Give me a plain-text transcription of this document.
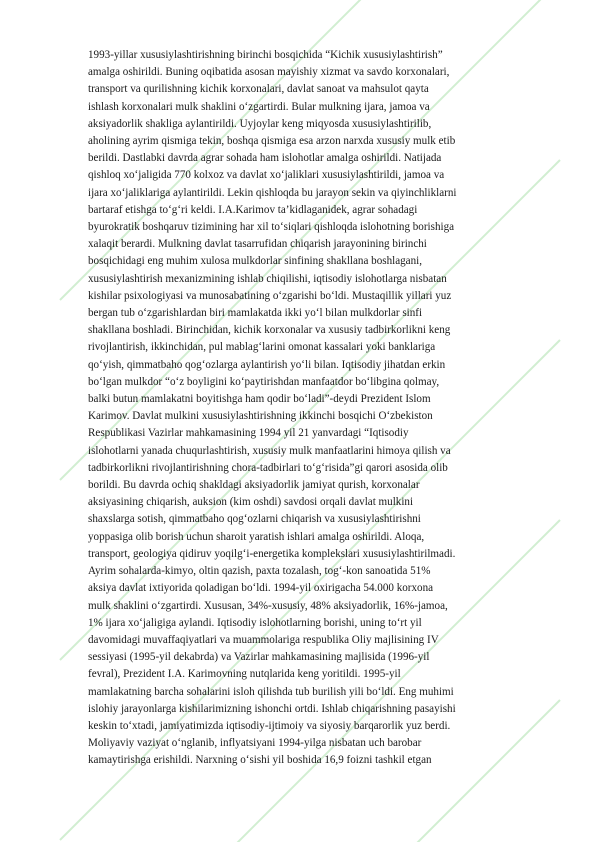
1993-yillar xususiylashtirishning birinchi bosqichida “Kichik xususiylashtirish”
amalga oshirildi. Buning oqibatida asosan mayishiy xizmat va savdo korxonalari,
transport va qurilishning kichik korxonalari, davlat sanoat va mahsulot qayta
ishlash korxonalari mulk shaklini o‘zgartirdi. Bular mulkning ijara, jamoa va
aksiyadorlik shakliga aylantirildi. Uyjoylar keng miqyosda xususiylashtirilib,
aholining ayrim qismiga tekin, boshqa qismiga esa arzon narxda xususiy mulk etib
berildi. Dastlabki davrda agrar sohada ham islohotlar amalga oshirildi. Natijada
qishloq xo‘jaligida 770 kolxoz va davlat xo‘jaliklari xususiylashtirildi, jamoa va
ijara xo‘jaliklariga aylantirildi. Lekin qishloqda bu jarayon sekin va qiyinchliklarni
bartaraf etishga to‘g‘ri keldi. I.A.Karimov ta’kidlaganidek, agrar sohadagi
byurokratik boshqaruv tizimining har xil to‘siqlari qishloqda islohotning borishiga
xalaqit berardi. Mulkning davlat tasarrufidan chiqarish jarayonining birinchi
bosqichidagi eng muhim xulosa mulkdorlar sinfining shakllana boshlagani,
xususiylashtirish mexanizmining ishlab chiqilishi, iqtisodiy islohotlarga nisbatan
kishilar psixologiyasi va munosabatining o‘zgarishi bo‘ldi. Mustaqillik yillari yuz
bergan tub o‘zgarishlardan biri mamlakatda ikki yo‘l bilan mulkdorlar sinfi
shakllana boshladi. Birinchidan, kichik korxonalar va xususiy tadbirkorlikni keng
rivojlantirish, ikkinchidan, pul mablag‘larini omonat kassalari yoki banklariga
qo‘yish, qimmatbaho qog‘ozlarga aylantirish yo‘li bilan. Iqtisodiy jihatdan erkin
bo‘lgan mulkdor “o‘z boyligini ko‘paytirishdan manfaatdor bo‘libgina qolmay,
balki butun mamlakatni boyitishga ham qodir bo‘ladi”-deydi Prezident Islom
Karimov. Davlat mulkini xususiylashtirishning ikkinchi bosqichi O‘zbekiston
Respublikasi Vazirlar mahkamasining 1994 yil 21 yanvardagi “Iqtisodiy
islohotlarni yanada chuqurlashtirish, xususiy mulk manfaatlarini himoya qilish va
tadbirkorlikni rivojlantirishning chora-tadbirlari to‘g‘risida”gi qarori asosida olib
borildi. Bu davrda ochiq shakldagi aksiyadorlik jamiyat qurish, korxonalar
aksiyasining chiqarish, auksion (kim oshdi) savdosi orqali davlat mulkini
shaxslarga sotish, qimmatbaho qog‘ozlarni chiqarish va xususiylashtirishni
yoppasiga olib borish uchun sharoit yaratish ishlari amalga oshirildi. Aloqa,
transport, geologiya qidiruv yoqilg‘i-energetika komplekslari xususiylashtirilmadi.
Ayrim sohalarda-kimyo, oltin qazish, paxta tozalash, tog‘-kon sanoatida 51%
aksiya davlat ixtiyorida qoladigan bo‘ldi. 1994-yil oxirigacha 54.000 korxona
mulk shaklini o‘zgartirdi. Xususan, 34%-xususiy, 48% aksiyadorlik, 16%-jamoa,
1% ijara xo‘jaligiga aylandi. Iqtisodiy islohotlarning borishi, uning to‘rt yil
davomidagi muvaffaqiyatlari va muammolariga respublika Oliy majlisining IV
sessiyasi (1995-yil dekabrda) va Vazirlar mahkamasining majlisida (1996-yil
fevral), Prezident I.A. Karimovning nutqlarida keng yoritildi. 1995-yil
mamlakatning barcha sohalarini isloh qilishda tub burilish yili bo‘ldi. Eng muhimi
islohiy jarayonlarga kishilarimizning ishonchi ortdi. Ishlab chiqarishning pasayishi
keskin to‘xtadi, jamiyatimizda iqtisodiy-ijtimoiy va siyosiy barqarorlik yuz berdi.
Moliyaviy vaziyat o‘nglanib, inflyatsiyani 1994-yilga nisbatan uch barobar
kamaytirishga erishildi. Narxning o‘sishi yil boshida 16,9 foizni tashkil etgan
